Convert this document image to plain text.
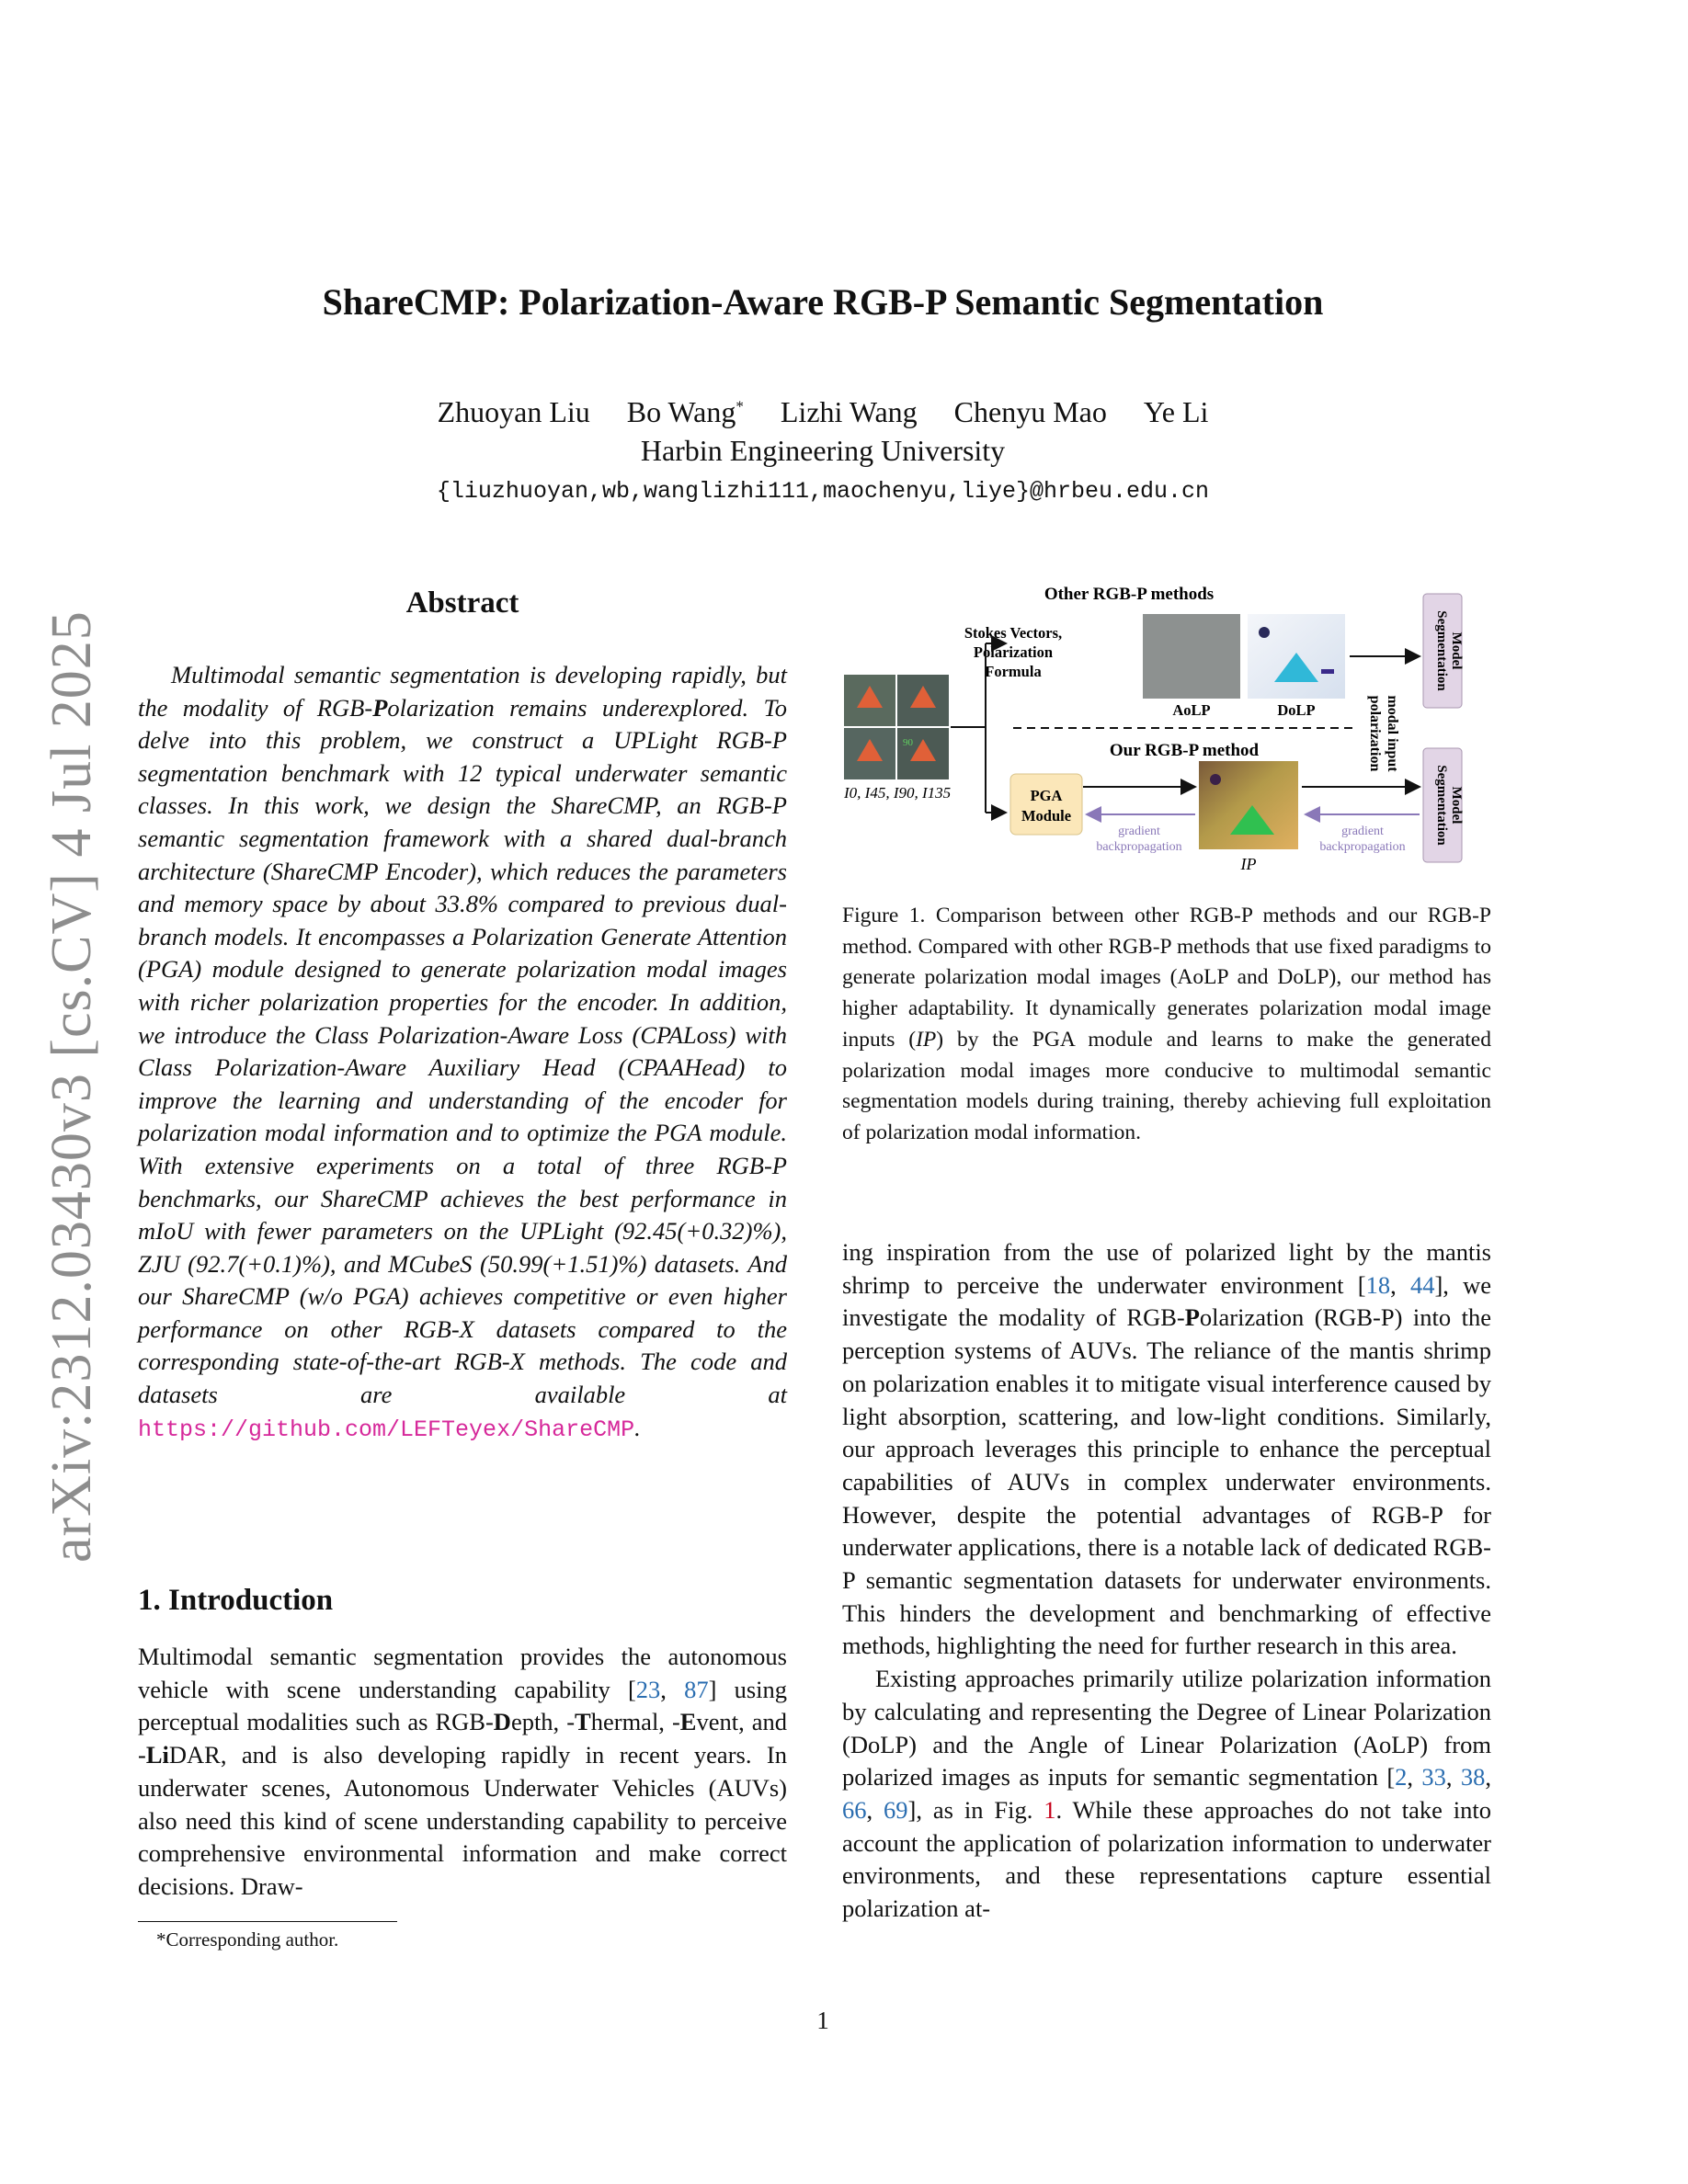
arXiv:2312.03430v3 [cs.CV] 4 Jul 2025
ShareCMP: Polarization-Aware RGB-P Semantic Segmentation
Zhuoyan Liu Bo Wang* Lizhi Wang Chenyu Mao Ye Li
Harbin Engineering University
{liuzhuoyan,wb,wanglizhi111,maochenyu,liye}@hrbeu.edu.cn
Abstract
Multimodal semantic segmentation is developing rapidly, but the modality of RGB-Polarization remains underexplored. To delve into this problem, we construct a UPLight RGB-P segmentation benchmark with 12 typical underwater semantic classes. In this work, we design the ShareCMP, an RGB-P semantic segmentation framework with a shared dual-branch architecture (ShareCMP Encoder), which reduces the parameters and memory space by about 33.8% compared to previous dual-branch models. It encompasses a Polarization Generate Attention (PGA) module designed to generate polarization modal images with richer polarization properties for the encoder. In addition, we introduce the Class Polarization-Aware Loss (CPALoss) with Class Polarization-Aware Auxiliary Head (CPAAHead) to improve the learning and understanding of the encoder for polarization modal information and to optimize the PGA module. With extensive experiments on a total of three RGB-P benchmarks, our ShareCMP achieves the best performance in mIoU with fewer parameters on the UPLight (92.45(+0.32)%), ZJU (92.7(+0.1)%), and MCubeS (50.99(+1.51)%) datasets. And our ShareCMP (w/o PGA) achieves competitive or even higher performance on other RGB-X datasets compared to the corresponding state-of-the-art RGB-X methods. The code and datasets are available at https://github.com/LEFTeyex/ShareCMP.
1. Introduction
Multimodal semantic segmentation provides the autonomous vehicle with scene understanding capability [23, 87] using perceptual modalities such as RGB-Depth, -Thermal, -Event, and -LiDAR, and is also developing rapidly in recent years. In underwater scenes, Autonomous Underwater Vehicles (AUVs) also need this kind of scene understanding capability to perceive comprehensive environmental information and make correct decisions. Draw-
*Corresponding author.
Other RGB-P methods
Stokes Vectors,
Polarization
Formula
90
I0, I45, I90, I135
AoLP	DoLP	polarization modal input
Segmentation Model
Segmentation Model
Our RGB-P method
PGA
Module
gradient
backpropagation
IP
gradient
backpropagation
Figure 1. Comparison between other RGB-P methods and our RGB-P method. Compared with other RGB-P methods that use fixed paradigms to generate polarization modal images (AoLP and DoLP), our method has higher adaptability. It dynamically generates polarization modal image inputs (IP) by the PGA module and learns to make the generated polarization modal images more conducive to multimodal semantic segmentation models during training, thereby achieving full exploitation of polarization modal information.

ing inspiration from the use of polarized light by the mantis shrimp to perceive the underwater environment [18, 44], we investigate the modality of RGB-Polarization (RGB-P) into the perception systems of AUVs. The reliance of the mantis shrimp on polarization enables it to mitigate visual interference caused by light absorption, scattering, and low-light conditions. Similarly, our approach leverages this principle to enhance the perceptual capabilities of AUVs in complex underwater environments. However, despite the potential advantages of RGB-P for underwater applications, there is a notable lack of dedicated RGB-P semantic segmentation datasets for underwater environments. This hinders the development and benchmarking of effective methods, highlighting the need for further research in this area.

Existing approaches primarily utilize polarization information by calculating and representing the Degree of Linear Polarization (DoLP) and the Angle of Linear Polarization (AoLP) from polarized images as inputs for semantic segmentation [2, 33, 38, 66, 69], as in Fig. 1. While these approaches do not take into account the application of polarization information to underwater environments, and these representations capture essential polarization at-

1
